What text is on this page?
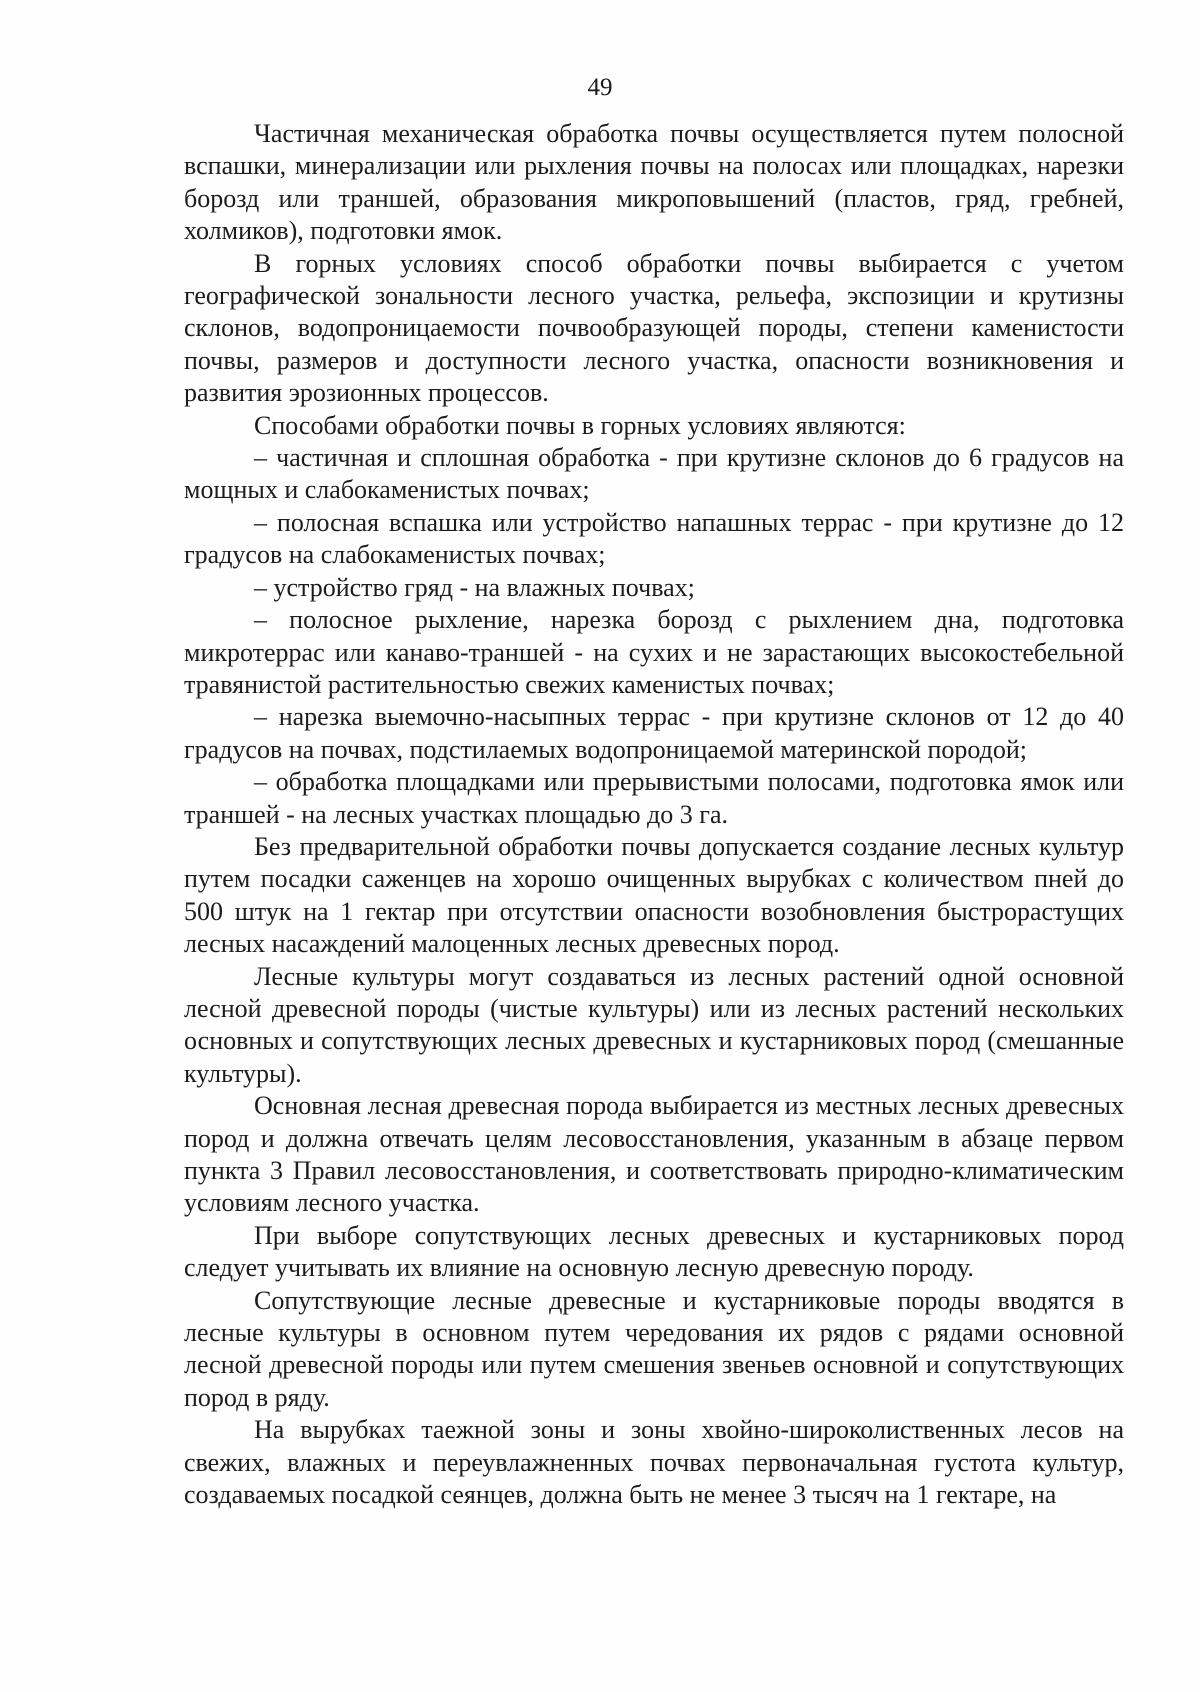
49

Частичная механическая обработка почвы осуществляется путем полосной вспашки, минерализации или рыхления почвы на полосах или площадках, нарезки борозд или траншей, образования микроповышений (пластов, гряд, гребней, холмиков), подготовки ямок.

В горных условиях способ обработки почвы выбирается с учетом географической зональности лесного участка, рельефа, экспозиции и крутизны склонов, водопроницаемости почвообразующей породы, степени каменистости почвы, размеров и доступности лесного участка, опасности возникновения и развития эрозионных процессов.

Способами обработки почвы в горных условиях являются:

– частичная и сплошная обработка - при крутизне склонов до 6 градусов на мощных и слабокаменистых почвах;

– полосная вспашка или устройство напашных террас - при крутизне до 12 градусов на слабокаменистых почвах;

– устройство гряд - на влажных почвах;

– полосное рыхление, нарезка борозд с рыхлением дна, подготовка микротеррас или канаво-траншей - на сухих и не зарастающих высокостебельной травянистой растительностью свежих каменистых почвах;

– нарезка выемочно-насыпных террас - при крутизне склонов от 12 до 40 градусов на почвах, подстилаемых водопроницаемой материнской породой;

– обработка площадками или прерывистыми полосами, подготовка ямок или траншей - на лесных участках площадью до 3 га.

Без предварительной обработки почвы допускается создание лесных культур путем посадки саженцев на хорошо очищенных вырубках с количеством пней до 500 штук на 1 гектар при отсутствии опасности возобновления быстрорастущих лесных насаждений малоценных лесных древесных пород.

Лесные культуры могут создаваться из лесных растений одной основной лесной древесной породы (чистые культуры) или из лесных растений нескольких основных и сопутствующих лесных древесных и кустарниковых пород (смешанные культуры).

Основная лесная древесная порода выбирается из местных лесных древесных пород и должна отвечать целям лесовосстановления, указанным в абзаце первом пункта 3 Правил лесовосстановления, и соответствовать природно-климатическим условиям лесного участка.

При выборе сопутствующих лесных древесных и кустарниковых пород следует учитывать их влияние на основную лесную древесную породу.

Сопутствующие лесные древесные и кустарниковые породы вводятся в лесные культуры в основном путем чередования их рядов с рядами основной лесной древесной породы или путем смешения звеньев основной и сопутствующих пород в ряду.

На вырубках таежной зоны и зоны хвойно-широколиственных лесов на свежих, влажных и переувлажненных почвах первоначальная густота культур, создаваемых посадкой сеянцев, должна быть не менее 3 тысяч на 1 гектаре, на
